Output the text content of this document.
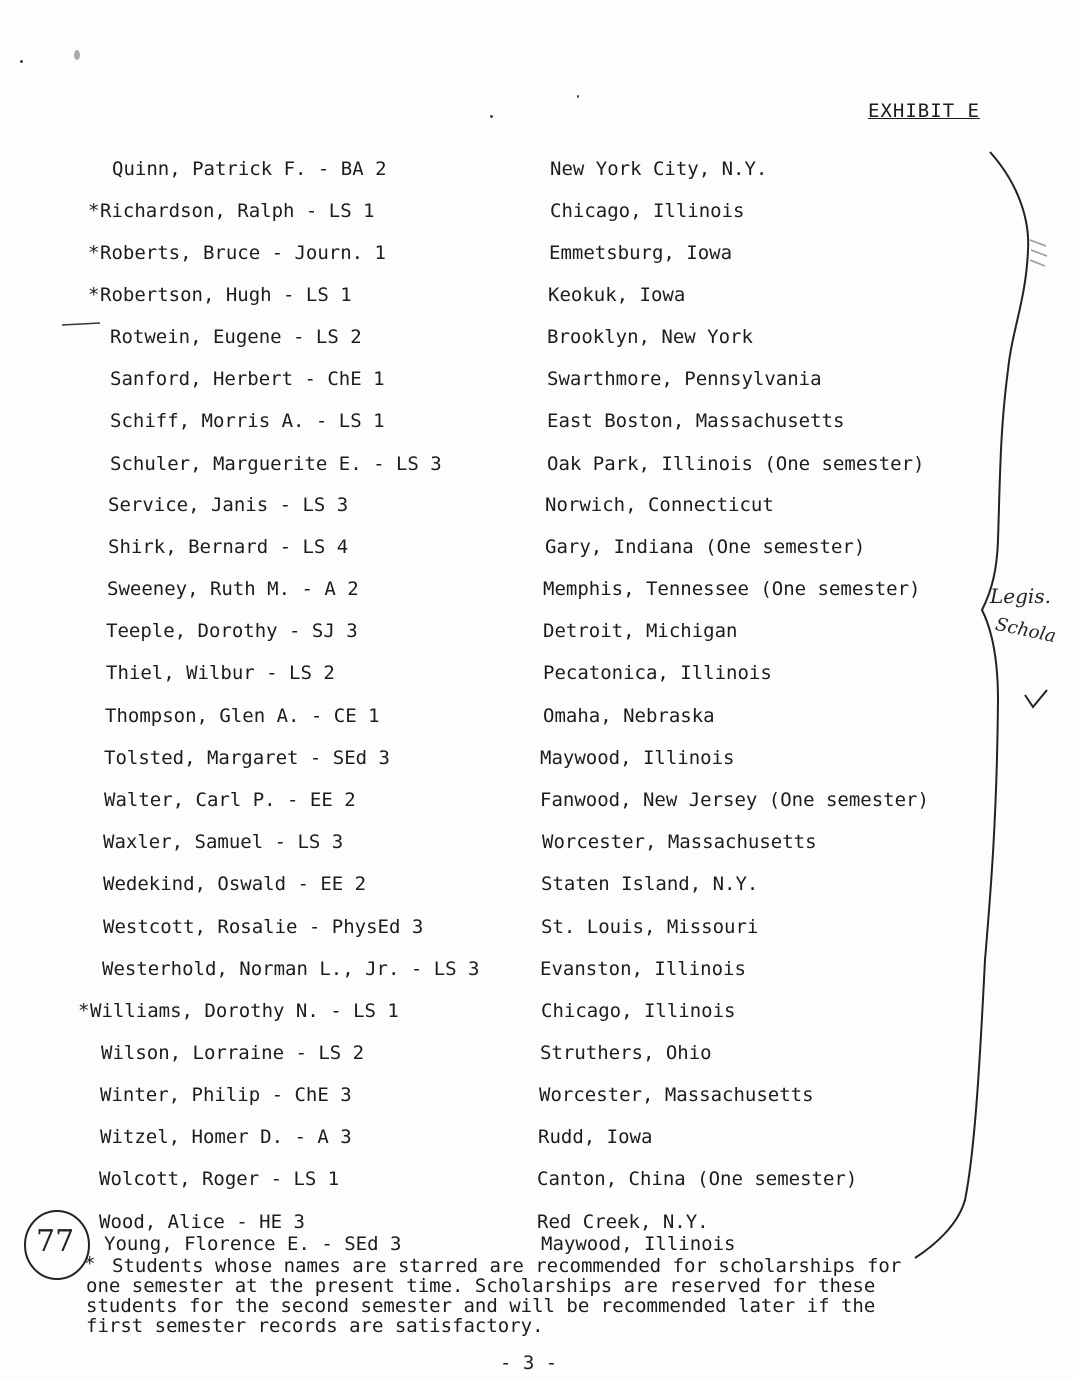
EXHIBIT E
Quinn, Patrick F. - BA 2	New York City, N.Y.
* Richardson, Ralph - LS 1	Chicago, Illinois
* Roberts, Bruce - Journ. 1	Emmetsburg, Iowa
* Robertson, Hugh - LS 1	Keokuk, Iowa
Rotwein, Eugene - LS 2	Brooklyn, New York
Sanford, Herbert - ChE 1	Swarthmore, Pennsylvania
Schiff, Morris A. - LS 1	East Boston, Massachusetts
Schuler, Marguerite E. - LS 3	Oak Park, Illinois (One semester)
Service, Janis - LS 3	Norwich, Connecticut
Shirk, Bernard - LS 4	Gary, Indiana (One semester)
Sweeney, Ruth M. - A 2	Memphis, Tennessee (One semester)
Teeple, Dorothy - SJ 3	Detroit, Michigan
Thiel, Wilbur - LS 2	Pecatonica, Illinois
Thompson, Glen A. - CE 1	Omaha, Nebraska
Tolsted, Margaret - SEd 3	Maywood, Illinois
Walter, Carl P. - EE 2	Fanwood, New Jersey (One semester)
Waxler, Samuel - LS 3	Worcester, Massachusetts
Wedekind, Oswald - EE 2	Staten Island, N.Y.
Westcott, Rosalie - PhysEd 3	St. Louis, Missouri
Westerhold, Norman L., Jr. - LS 3	Evanston, Illinois
* Williams, Dorothy N. - LS 1	Chicago, Illinois
Wilson, Lorraine - LS 2	Struthers, Ohio
Winter, Philip - ChE 3	Worcester, Massachusetts
Witzel, Homer D. - A 3	Rudd, Iowa
Wolcott, Roger - LS 1	Canton, China (One semester)
Wood, Alice - HE 3	Red Creek, N.Y.
Young, Florence E. - SEd 3	Maywood, Illinois
* Students whose names are starred are recommended for scholarships for
one semester at the present time. Scholarships are reserved for these
students for the second semester and will be recommended later if the
first semester records are satisfactory.
- 3 -
Legis.
Schola
77
